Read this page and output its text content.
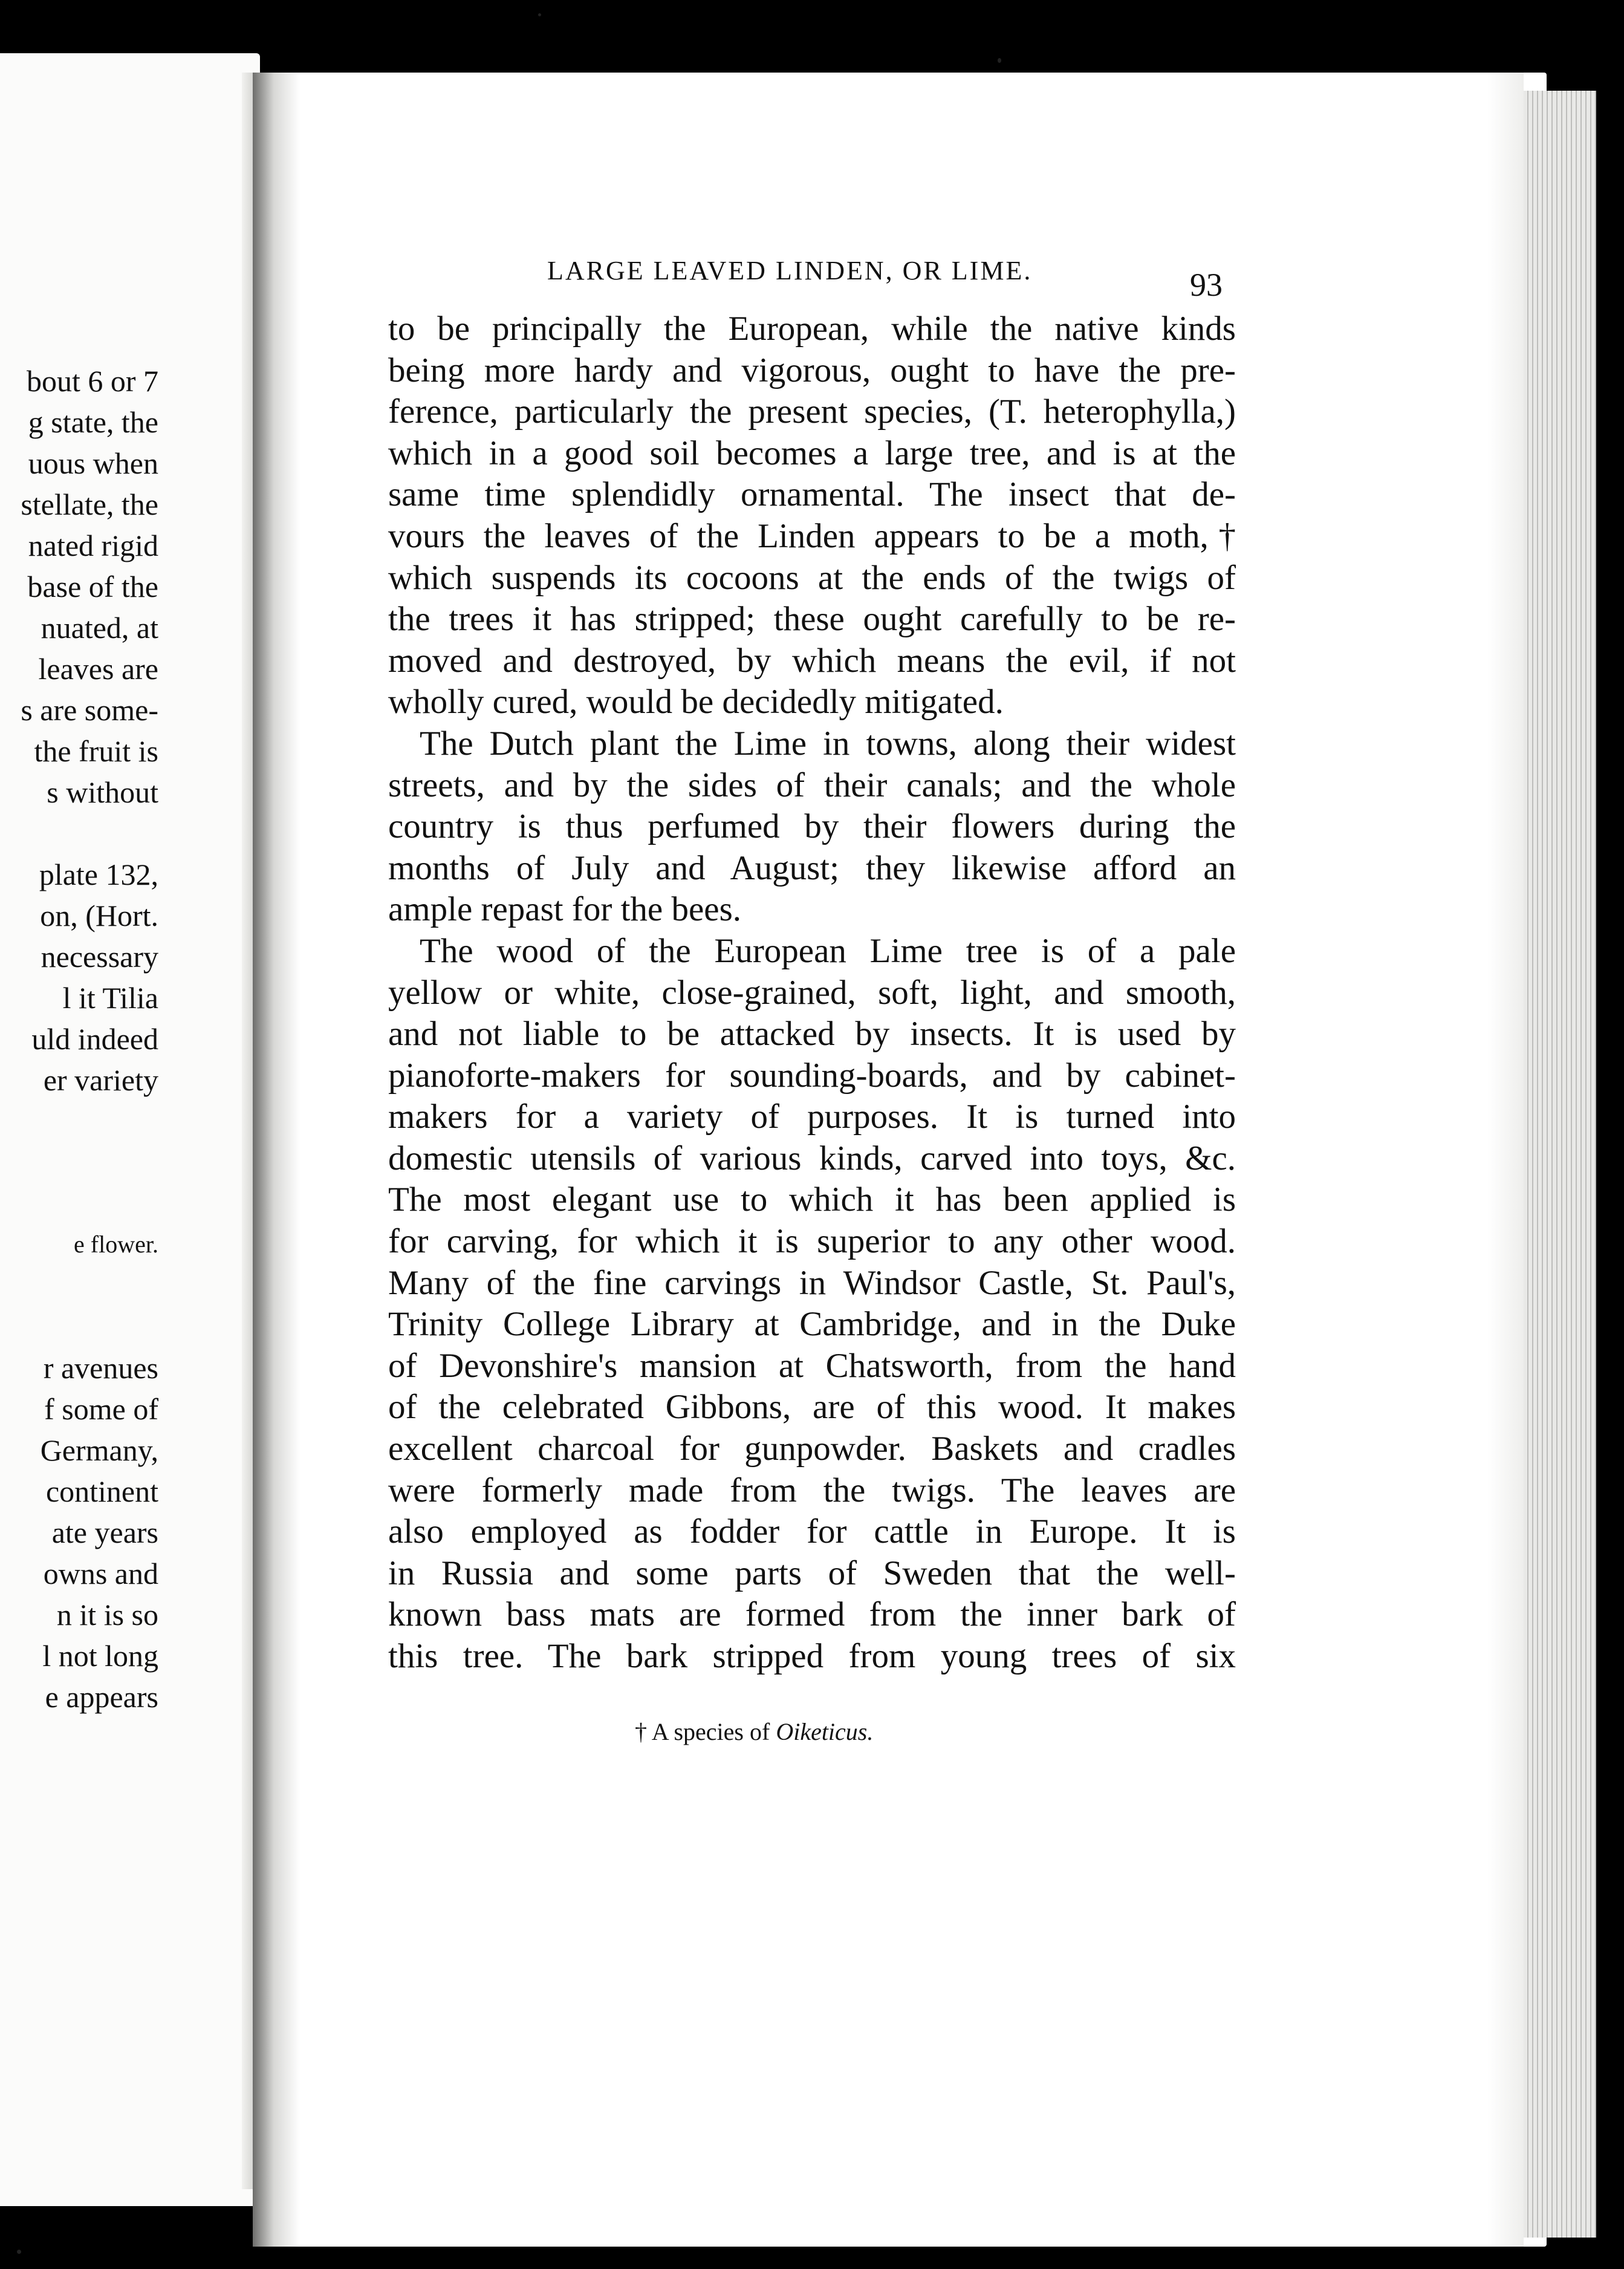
bout 6 or 7
g state, the
uous when
stellate, the
nated rigid
base of the
nuated, at
leaves are
s are some-
the fruit is
s without
plate 132,
on, (Hort.
necessary
l it Tilia
uld indeed
er variety
e flower.
r avenues
f some of
Germany,
continent
ate years
owns and
n it is so
l not long
e appears
LARGE LEAVED LINDEN, OR LIME.	93
to be principally the European, while the native kinds
being more hardy and vigorous, ought to have the pre-
ference, particularly the present species, (T. heterophylla,)
which in a good soil becomes a large tree, and is at the
same time splendidly ornamental. The insect that de-
vours the leaves of the Linden appears to be a moth,†
which suspends its cocoons at the ends of the twigs of
the trees it has stripped; these ought carefully to be re-
moved and destroyed, by which means the evil, if not
wholly cured, would be decidedly mitigated.
The Dutch plant the Lime in towns, along their widest
streets, and by the sides of their canals; and the whole
country is thus perfumed by their flowers during the
months of July and August; they likewise afford an
ample repast for the bees.
The wood of the European Lime tree is of a pale
yellow or white, close-grained, soft, light, and smooth,
and not liable to be attacked by insects. It is used by
pianoforte-makers for sounding-boards, and by cabinet-
makers for a variety of purposes. It is turned into
domestic utensils of various kinds, carved into toys, &c.
The most elegant use to which it has been applied is
for carving, for which it is superior to any other wood.
Many of the fine carvings in Windsor Castle, St. Paul's,
Trinity College Library at Cambridge, and in the Duke
of Devonshire's mansion at Chatsworth, from the hand
of the celebrated Gibbons, are of this wood. It makes
excellent charcoal for gunpowder. Baskets and cradles
were formerly made from the twigs. The leaves are
also employed as fodder for cattle in Europe. It is
in Russia and some parts of Sweden that the well-
known bass mats are formed from the inner bark of
this tree. The bark stripped from young trees of six
† A species of Oiketicus.
